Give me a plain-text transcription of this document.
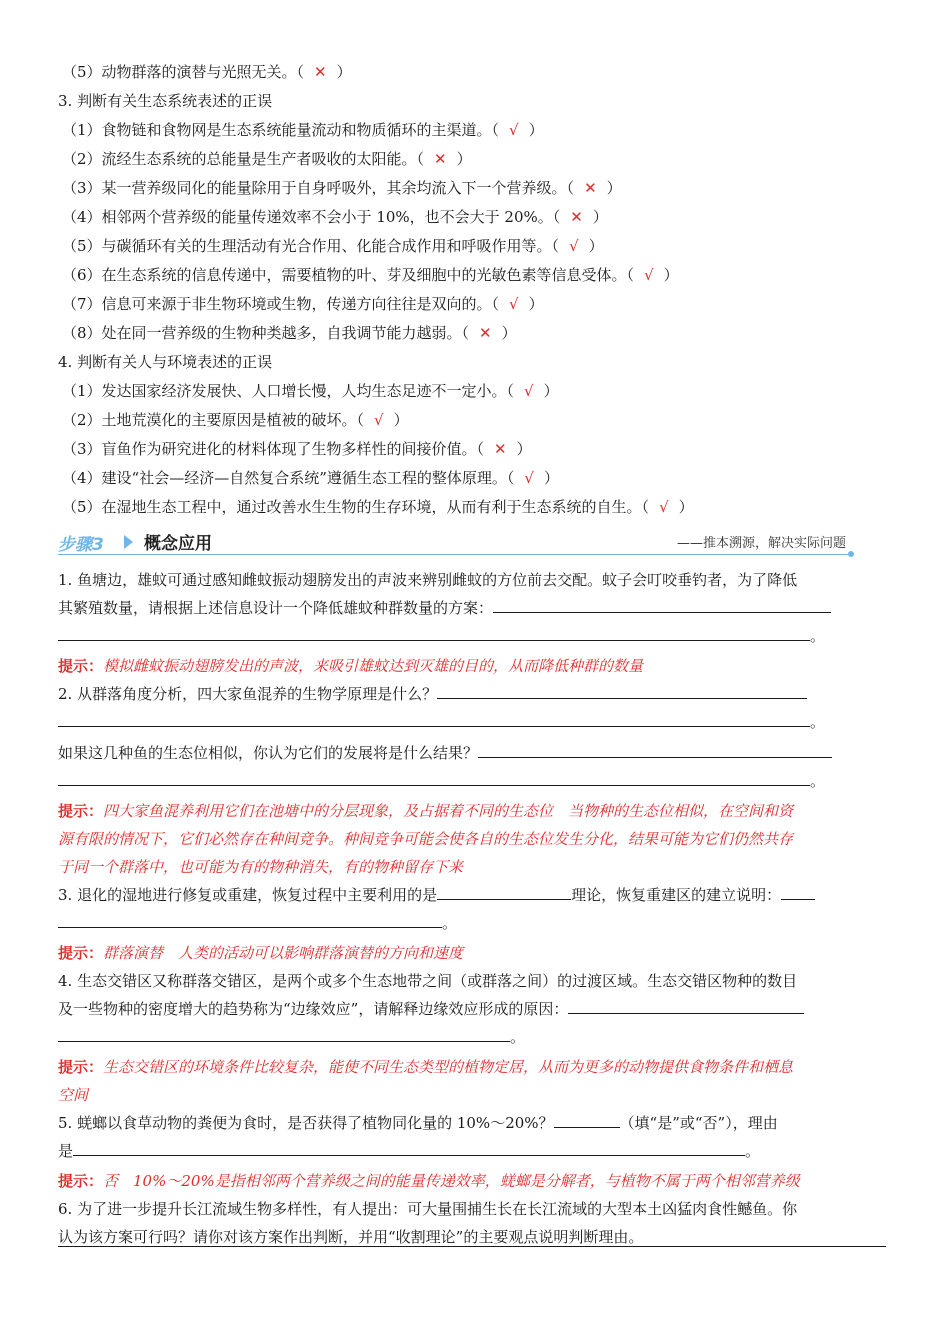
（5）动物群落的演替与光照无关。（ ✕ ）
3. 判断有关生态系统表述的正误
（1）食物链和食物网是生态系统能量流动和物质循环的主渠道。（ √ ）
（2）流经生态系统的总能量是生产者吸收的太阳能。（ ✕ ）
（3）某一营养级同化的能量除用于自身呼吸外，其余均流入下一个营养级。（ ✕ ）
（4）相邻两个营养级的能量传递效率不会小于 10%，也不会大于 20%。（ ✕ ）
（5）与碳循环有关的生理活动有光合作用、化能合成作用和呼吸作用等。（ √ ）
（6）在生态系统的信息传递中，需要植物的叶、芽及细胞中的光敏色素等信息受体。（ √ ）
（7）信息可来源于非生物环境或生物，传递方向往往是双向的。（ √ ）
（8）处在同一营养级的生物种类越多，自我调节能力越弱。（ ✕ ）
4. 判断有关人与环境表述的正误
（1）发达国家经济发展快、人口增长慢，人均生态足迹不一定小。（ √ ）
（2）土地荒漠化的主要原因是植被的破坏。（ √ ）
（3）盲鱼作为研究进化的材料体现了生物多样性的间接价值。（ ✕ ）
（4）建设“社会—经济—自然复合系统”遵循生态工程的整体原理。（ √ ）
（5）在湿地生态工程中，通过改善水生生物的生存环境，从而有利于生态系统的自生。（ √ ）
步骤3 概念应用	——推本溯源，解决实际问题
1. 鱼塘边，雄蚊可通过感知雌蚊振动翅膀发出的声波来辨别雌蚊的方位前去交配。蚊子会叮咬垂钓者，为了降低
其繁殖数量，请根据上述信息设计一个降低雄蚊种群数量的方案：
。
提示：模拟雌蚊振动翅膀发出的声波，来吸引雄蚊达到灭雄的目的，从而降低种群的数量
2. 从群落角度分析，四大家鱼混养的生物学原理是什么？
。
如果这几种鱼的生态位相似，你认为它们的发展将是什么结果？
。
提示：四大家鱼混养利用它们在池塘中的分层现象，及占据着不同的生态位　当物种的生态位相似，在空间和资
源有限的情况下，它们必然存在种间竞争。种间竞争可能会使各自的生态位发生分化，结果可能为它们仍然共存
于同一个群落中，也可能为有的物种消失，有的物种留存下来
3. 退化的湿地进行修复或重建，恢复过程中主要利用的是	理论，恢复重建区的建立说明：
。
提示：群落演替　人类的活动可以影响群落演替的方向和速度
4. 生态交错区又称群落交错区，是两个或多个生态地带之间（或群落之间）的过渡区域。生态交错区物种的数目
及一些物种的密度增大的趋势称为“边缘效应”，请解释边缘效应形成的原因：
。
提示：生态交错区的环境条件比较复杂，能使不同生态类型的植物定居，从而为更多的动物提供食物条件和栖息
空间
5. 蜣螂以食草动物的粪便为食时，是否获得了植物同化量的 10%～20%？	（填“是”或“否”），理由
是	。
提示：否　10%～20%是指相邻两个营养级之间的能量传递效率，蜣螂是分解者，与植物不属于两个相邻营养级
6. 为了进一步提升长江流域生物多样性，有人提出：可大量围捕生长在长江流域的大型本土凶猛肉食性鳡鱼。你
认为该方案可行吗？请你对该方案作出判断，并用“收割理论”的主要观点说明判断理由。
